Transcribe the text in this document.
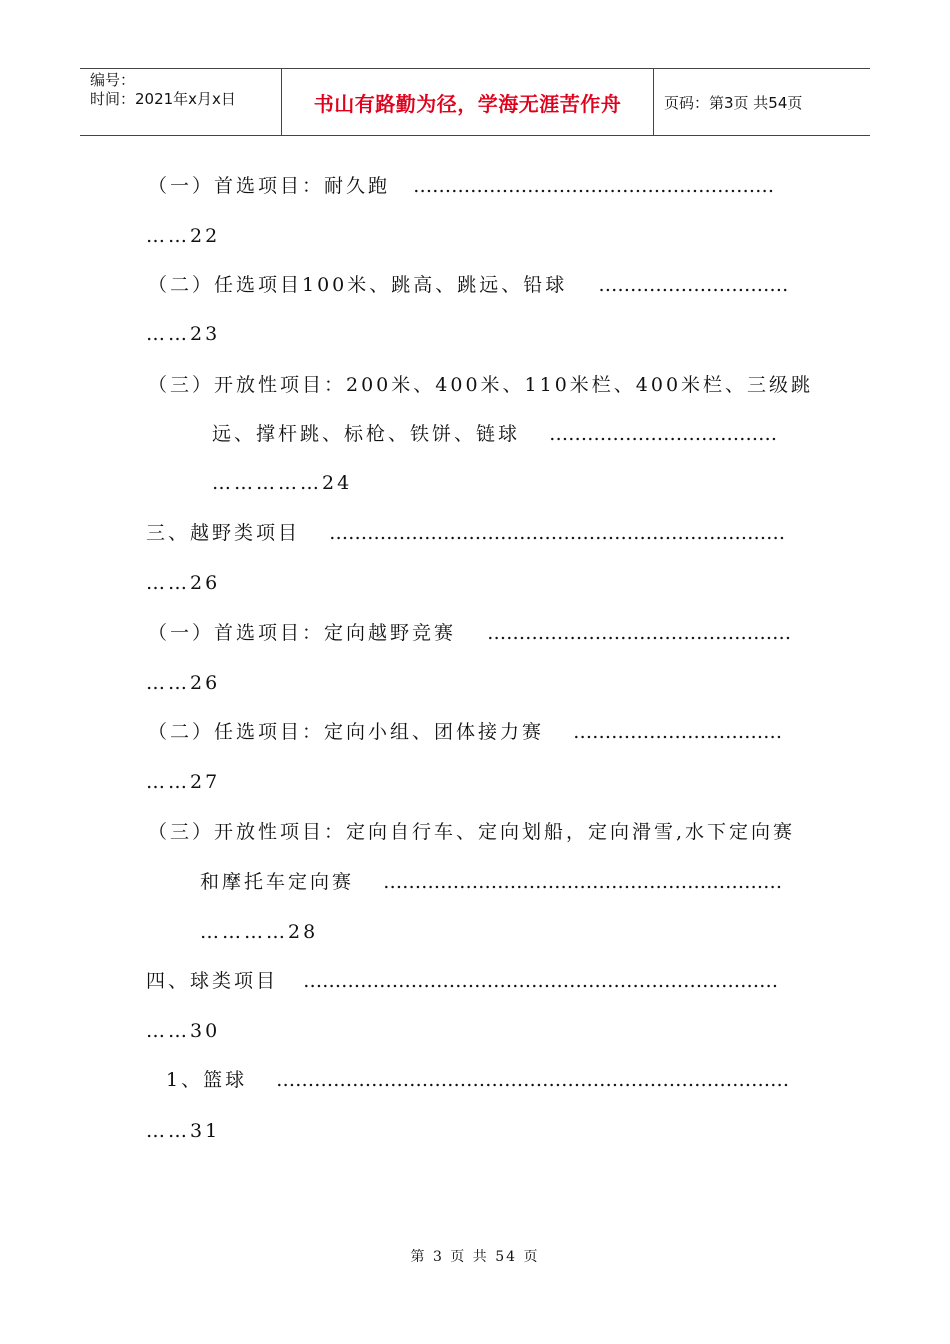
编号：
时间：2021年x月x日	书山有路勤为径，学海无涯苦作舟	页码：第3页 共54页
（一）首选项目：耐久跑 …………………………………………………
……22
（二）任选项目100米、跳高、跳远、铅球 …………………………
……23
（三）开放性项目：200米、400米、110米栏、400米栏、三级跳
远、撑杆跳、标枪、铁饼、链球 ………………………………
……………24
三、越野类项目 ………………………………………………………………
……26
（一）首选项目：定向越野竞赛 …………………………………………
……26
（二）任选项目：定向小组、团体接力赛 ……………………………
……27
（三）开放性项目：定向自行车、定向划船，定向滑雪,水下定向赛
和摩托车定向赛 ………………………………………………………
…………28
四、球类项目 …………………………………………………………………
……30
1、篮球 ………………………………………………………………………
……31
第 3 页 共 54 页
